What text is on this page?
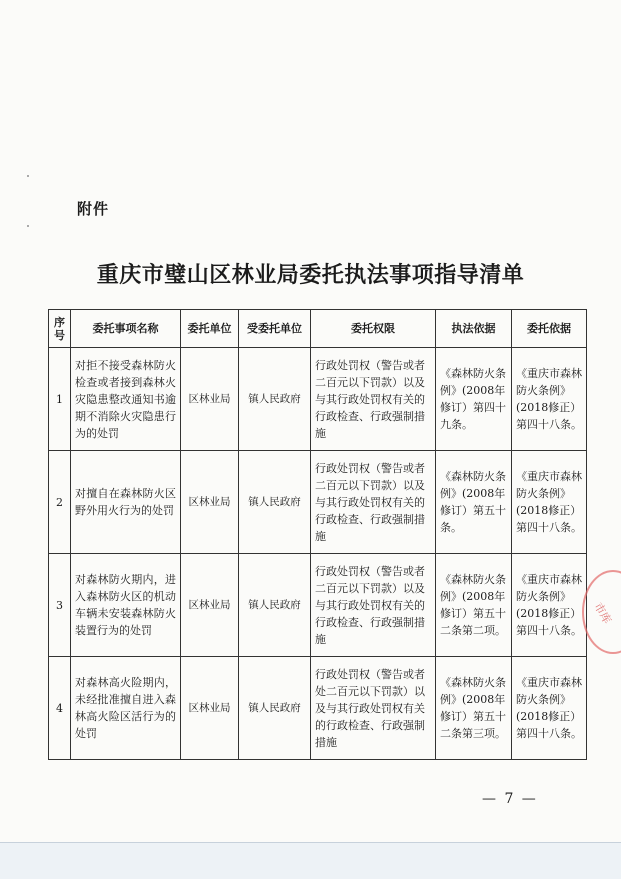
附件
重庆市璧山区林业局委托执法事项指导清单
序号	委托事项名称	委托单位	受委托单位	委托权限	执法依据	委托依据
1	对拒不接受森林防火检查或者接到森林火灾隐患整改通知书逾期不消除火灾隐患行为的处罚	区林业局	镇人民政府	行政处罚权（警告或者二百元以下罚款）以及与其行政处罚权有关的行政检查、行政强制措施	《森林防火条例》(2008年修订）第四十九条。	《重庆市森林防火条例》(2018修正）第四十八条。
2	对擅自在森林防火区野外用火行为的处罚	区林业局	镇人民政府	行政处罚权（警告或者二百元以下罚款）以及与其行政处罚权有关的行政检查、行政强制措施	《森林防火条例》(2008年修订）第五十条。	《重庆市森林防火条例》(2018修正）第四十八条。
3	对森林防火期内，进入森林防火区的机动车辆未安装森林防火装置行为的处罚	区林业局	镇人民政府	行政处罚权（警告或者二百元以下罚款）以及与其行政处罚权有关的行政检查、行政强制措施	《森林防火条例》(2008年修订）第五十二条第二项。	《重庆市森林防火条例》(2018修正）第四十八条。
4	对森林高火险期内，未经批准擅自进入森林高火险区活行为的处罚	区林业局	镇人民政府	行政处罚权（警告或者处二百元以下罚款）以及与其行政处罚权有关的行政检查、行政强制措施	《森林防火条例》(2008年修订）第五十二条第三项。	《重庆市森林防火条例》(2018修正）第四十八条。
市库
— 7 —
